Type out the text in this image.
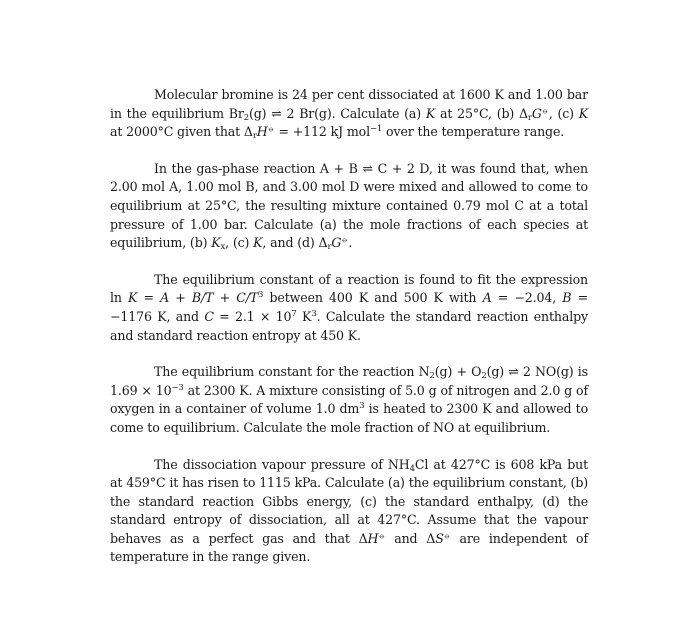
Molecular bromine is 24 per cent dissociated at 1600 K and 1.00 bar in the equilibrium $Br_2(g)$ ⇌ 2 Br(g). Calculate (a) K at 25°C, (b) $\Delta_rG^⦵$, (c) K at 2000°C given that $\Delta_rH^⦵ = +112$ kJ mol$^{-1}$ over the temperature range.

In the gas-phase reaction A + B ⇌ C + 2 D, it was found that, when 2.00 mol A, 1.00 mol B, and 3.00 mol D were mixed and allowed to come to equilibrium at 25°C, the resulting mixture contained 0.79 mol C at a total pressure of 1.00 bar. Calculate (a) the mole fractions of each species at equilibrium, (b) $K_x$, (c) K, and (d) $\Delta_rG^⦵$.

The equilibrium constant of a reaction is found to fit the expression $\ln K = A + B/T + C/T^3$ between 400 K and 500 K with A = −2.04, B = −1176 K, and $C = 2.1 \times 10^7$ $K^3$. Calculate the standard reaction enthalpy and standard reaction entropy at 450 K.

The equilibrium constant for the reaction $N_2(g) + O_2(g)$ ⇌ 2 NO(g) is $1.69 \times 10^{-3}$ at 2300 K. A mixture consisting of 5.0 g of nitrogen and 2.0 g of oxygen in a container of volume 1.0 $dm^3$ is heated to 2300 K and allowed to come to equilibrium. Calculate the mole fraction of NO at equilibrium.

The dissociation vapour pressure of $NH_4Cl$ at 427°C is 608 kPa but at 459°C it has risen to 1115 kPa. Calculate (a) the equilibrium constant, (b) the standard reaction Gibbs energy, (c) the standard enthalpy, (d) the standard entropy of dissociation, all at 427°C. Assume that the vapour behaves as a perfect gas and that ΔH⦵ and ΔS⦵ are independent of temperature in the range given.
